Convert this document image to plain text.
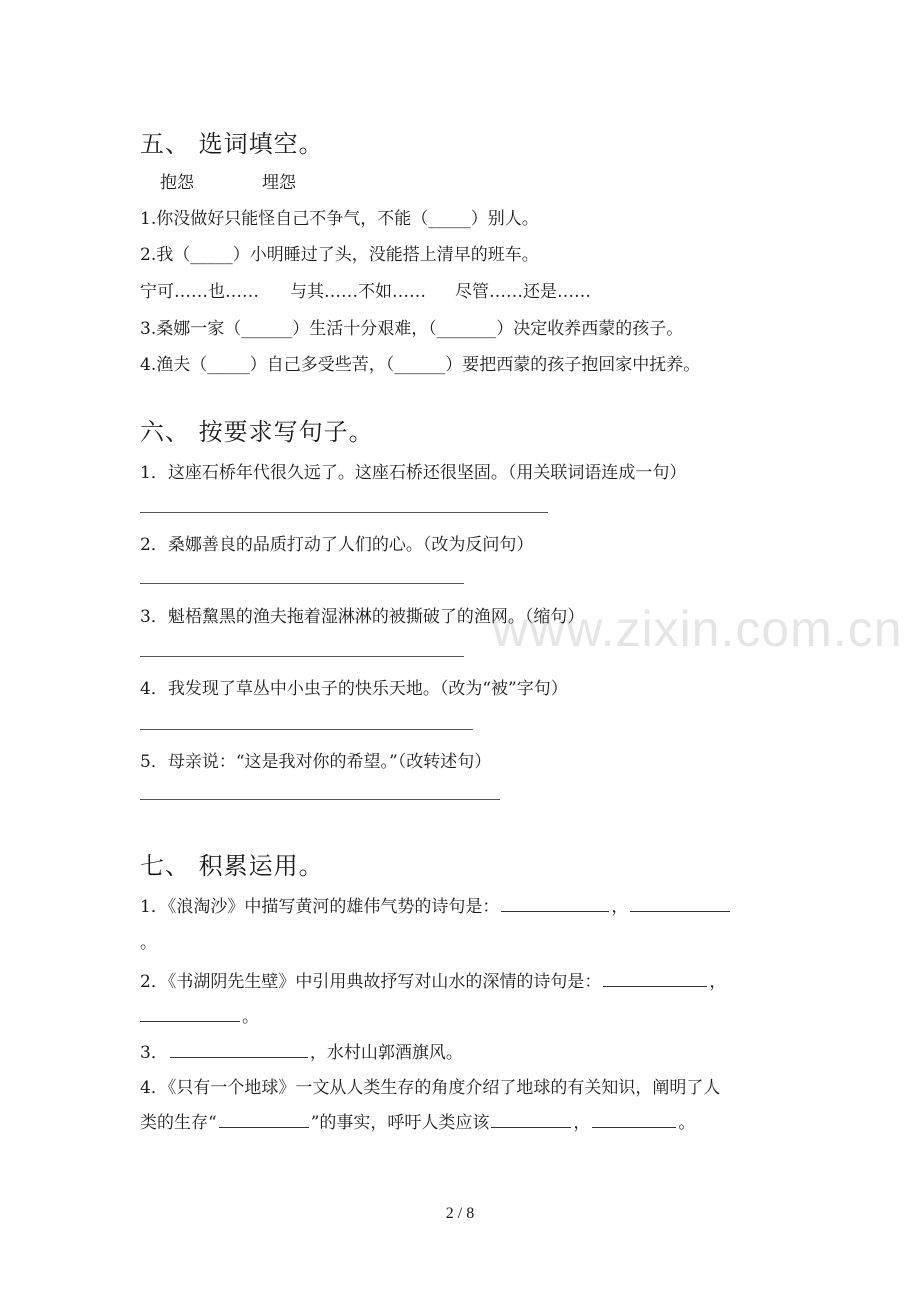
五、 选词填空。
抱怨	埋怨
1.你没做好只能怪自己不争气，不能（_____）别人。
2.我（_____）小明睡过了头，没能搭上清早的班车。
宁可……也…… 与其……不如…… 尽管……还是……
3.桑娜一家（______）生活十分艰难，（_______）决定收养西蒙的孩子。
4.渔夫（_____）自己多受些苦，（______）要把西蒙的孩子抱回家中抚养。
六、 按要求写句子。
1．这座石桥年代很久远了。这座石桥还很坚固。（用关联词语连成一句）
2．桑娜善良的品质打动了人们的心。（改为反问句）
3．魁梧黧黑的渔夫拖着湿淋淋的被撕破了的渔网。（缩句）
4．我发现了草丛中小虫子的快乐天地。（改为“被”字句）
5．母亲说：“这是我对你的希望。”（改转述句）
七、 积累运用。
1．《浪淘沙》中描写黄河的雄伟气势的诗句是：	，
。
2．《书湖阴先生壁》中引用典故抒写对山水的深情的诗句是：	，
。
3．	，水村山郭酒旗风。
4．《只有一个地球》一文从人类生存的角度介绍了地球的有关知识，阐明了人
类的生存“	”的事实，呼吁人类应该	，	。
www.zixin.com.cn
2 / 8
